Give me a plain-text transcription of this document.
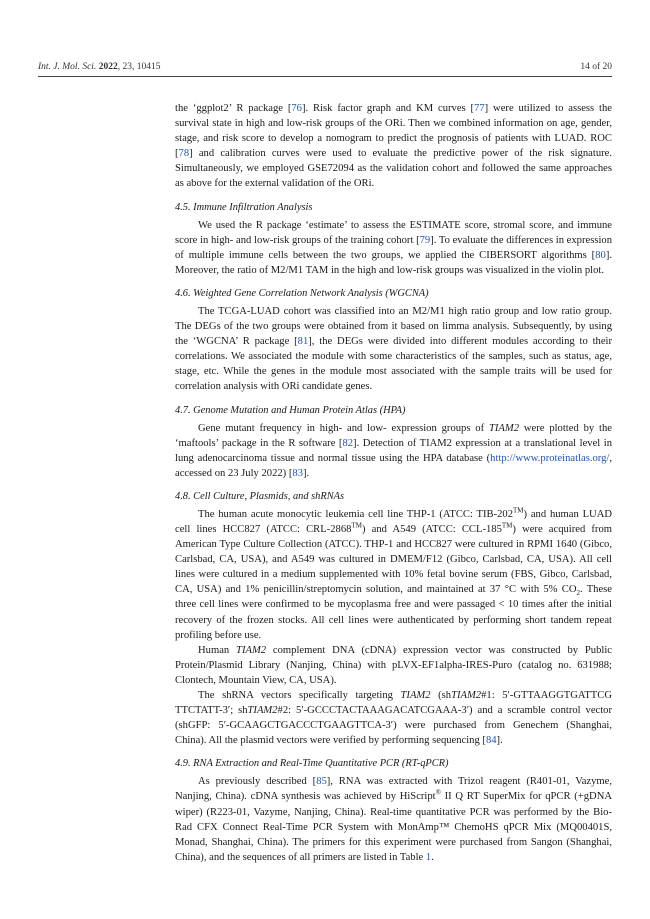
Int. J. Mol. Sci. 2022, 23, 10415	14 of 20

the ‘ggplot2’ R package [76]. Risk factor graph and KM curves [77] were utilized to assess the survival state in high and low-risk groups of the ORi. Then we combined information on age, gender, stage, and risk score to develop a nomogram to predict the prognosis of patients with LUAD. ROC [78] and calibration curves were used to evaluate the predictive power of the risk signature. Simultaneously, we employed GSE72094 as the validation cohort and followed the same approaches as above for the external validation of the ORi.

4.5. Immune Infiltration Analysis

We used the R package ‘estimate’ to assess the ESTIMATE score, stromal score, and immune score in high- and low-risk groups of the training cohort [79]. To evaluate the differences in expression of multiple immune cells between the two groups, we applied the CIBERSORT algorithms [80]. Moreover, the ratio of M2/M1 TAM in the high and low-risk groups was visualized in the violin plot.

4.6. Weighted Gene Correlation Network Analysis (WGCNA)

The TCGA-LUAD cohort was classified into an M2/M1 high ratio group and low ratio group. The DEGs of the two groups were obtained from it based on limma analysis. Subsequently, by using the ‘WGCNA’ R package [81], the DEGs were divided into different modules according to their correlations. We associated the module with some characteristics of the samples, such as status, age, stage, etc. While the genes in the module most associated with the sample traits will be used for correlation analysis with ORi candidate genes.

4.7. Genome Mutation and Human Protein Atlas (HPA)

Gene mutant frequency in high- and low- expression groups of TIAM2 were plotted by the ‘maftools’ package in the R software [82]. Detection of TIAM2 expression at a translational level in lung adenocarcinoma tissue and normal tissue using the HPA database (http://www.proteinatlas.org/, accessed on 23 July 2022) [83].

4.8. Cell Culture, Plasmids, and shRNAs

The human acute monocytic leukemia cell line THP-1 (ATCC: TIB-202™) and human LUAD cell lines HCC827 (ATCC: CRL-2868™) and A549 (ATCC: CCL-185™) were acquired from American Type Culture Collection (ATCC). THP-1 and HCC827 were cultured in RPMI 1640 (Gibco, Carlsbad, CA, USA), and A549 was cultured in DMEM/F12 (Gibco, Carlsbad, CA, USA). All cell lines were cultured in a medium supplemented with 10% fetal bovine serum (FBS, Gibco, Carlsbad, CA, USA) and 1% penicillin/streptomycin solution, and maintained at 37 °C with 5% $CO_2$. These three cell lines were confirmed to be mycoplasma free and were passaged < 10 times after the initial recovery of the frozen stocks. All cell lines were authenticated by performing short tandem repeat profiling before use.

Human TIAM2 complement DNA (cDNA) expression vector was constructed by Public Protein/Plasmid Library (Nanjing, China) with pLVX-EF1alpha-IRES-Puro (catalog no. 631988; Clontech, Mountain View, CA, USA).

The shRNA vectors specifically targeting TIAM2 (shTIAM2#1: 5′-GTTAAGGTGATTCG TTCTATT-3′; shTIAM2#2: 5′-GCCCTACTAAAGACATCGAAA-3′) and a scramble control vector (shGFP: 5′-GCAAGCTGACCCTGAAGTTCA-3′) were purchased from Genechem (Shanghai, China). All the plasmid vectors were verified by performing sequencing [84].

4.9. RNA Extraction and Real-Time Quantitative PCR (RT-qPCR)

As previously described [85], RNA was extracted with Trizol reagent (R401-01, Vazyme, Nanjing, China). cDNA synthesis was achieved by HiScript® II Q RT SuperMix for qPCR (+gDNA wiper) (R223-01, Vazyme, Nanjing, China). Real-time quantitative PCR was performed by the Bio-Rad CFX Connect Real-Time PCR System with MonAmp™ ChemoHS qPCR Mix (MQ00401S, Monad, Shanghai, China). The primers for this experiment were purchased from Sangon (Shanghai, China), and the sequences of all primers are listed in Table 1.
